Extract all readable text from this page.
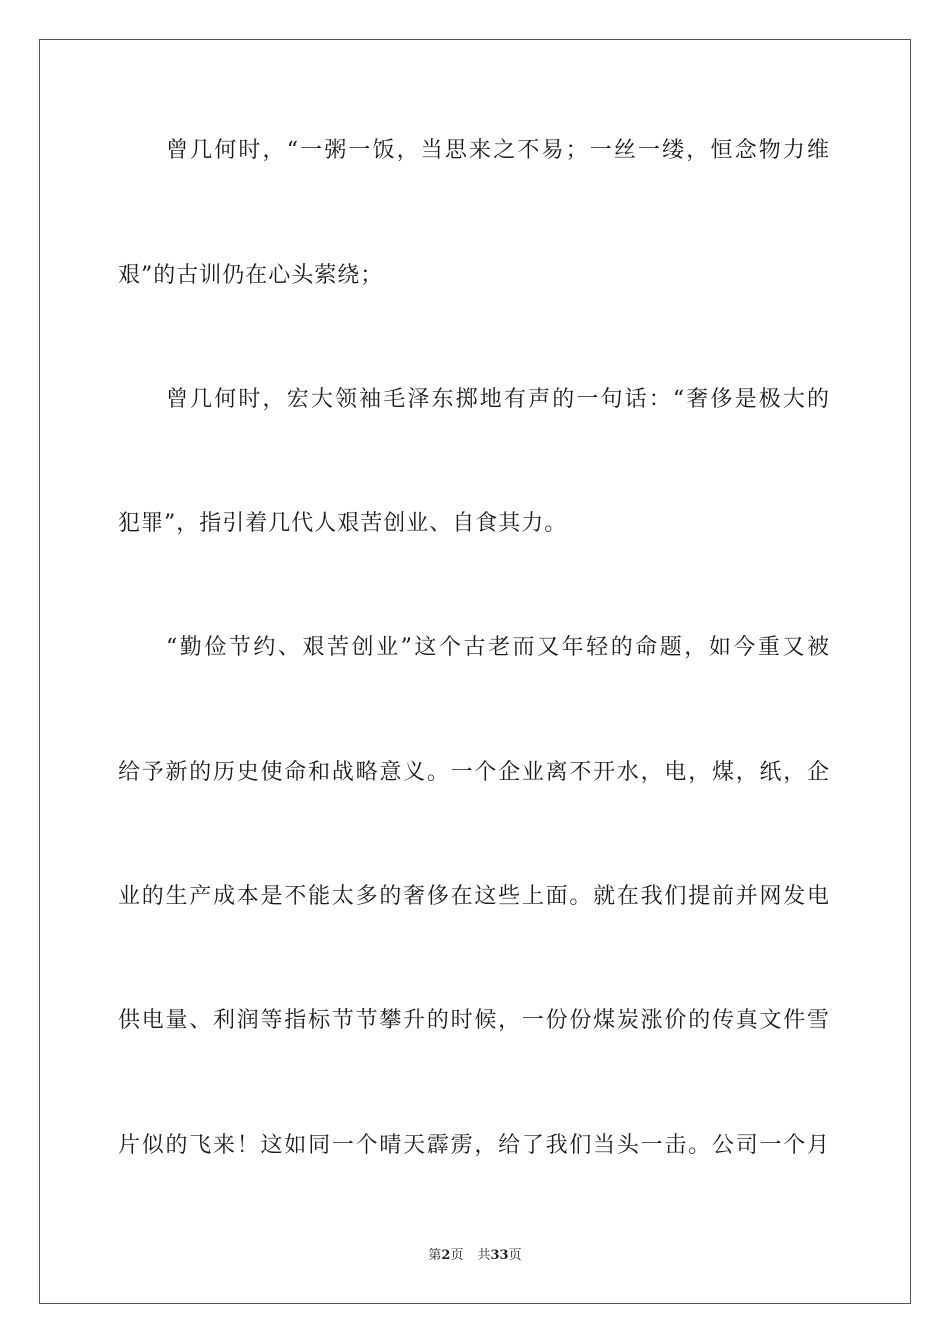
曾几何时，“一粥一饭，当思来之不易；一丝一缕，恒念物力维
艰”的古训仍在心头萦绕；
曾几何时，宏大领袖毛泽东掷地有声的一句话：“奢侈是极大的
犯罪”，指引着几代人艰苦创业、自食其力。
“勤俭节约、艰苦创业”这个古老而又年轻的命题，如今重又被
给予新的历史使命和战略意义。一个企业离不开水，电，煤，纸，企
业的生产成本是不能太多的奢侈在这些上面。就在我们提前并网发电
供电量、利润等指标节节攀升的时候，一份份煤炭涨价的传真文件雪
片似的飞来！这如同一个晴天霹雳，给了我们当头一击。公司一个月
第2页 共33页
